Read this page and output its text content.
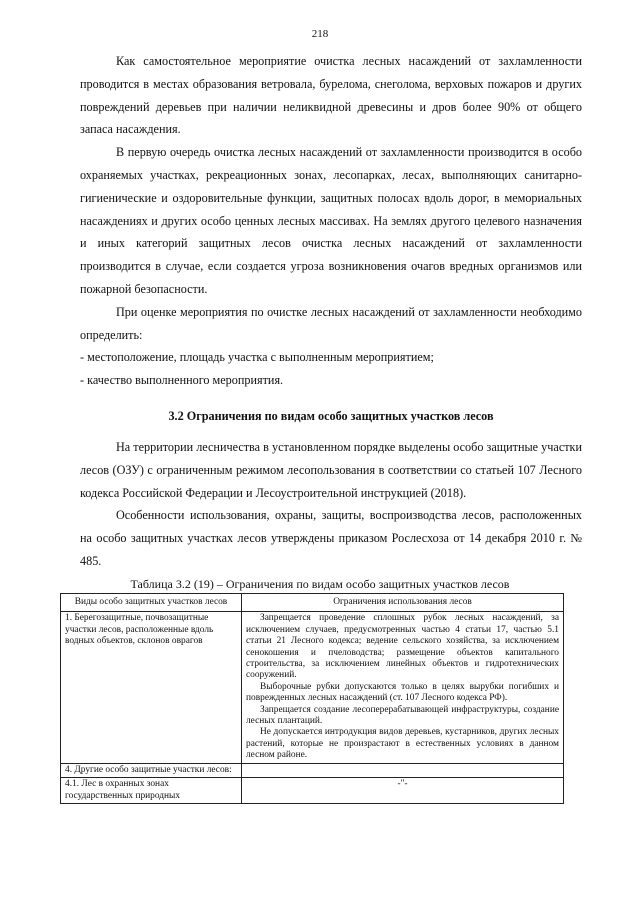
218

Как самостоятельное мероприятие очистка лесных насаждений от захламленности проводится в местах образования ветровала, бурелома, снеголома, верховых пожаров и других повреждений деревьев при наличии неликвидной древесины и дров более 90% от общего запаса насаждения.

В первую очередь очистка лесных насаждений от захламленности производится в особо охраняемых участках, рекреационных зонах, лесопарках, лесах, выполняющих санитарно-гигиенические и оздоровительные функции, защитных полосах вдоль дорог, в мемориальных насаждениях и других особо ценных лесных массивах. На землях другого целевого назначения и иных категорий защитных лесов очистка лесных насаждений от захламленности производится в случае, если создается угроза возникновения очагов вредных организмов или пожарной безопасности.

При оценке мероприятия по очистке лесных насаждений от захламленности необходимо определить:

- местоположение, площадь участка с выполненным мероприятием;

- качество выполненного мероприятия.

3.2 Ограничения по видам особо защитных участков лесов

На территории лесничества в установленном порядке выделены особо защитные участки лесов (ОЗУ) с ограниченным режимом лесопользования в соответствии со статьей 107 Лесного кодекса Российской Федерации и Лесоустроительной инструкцией (2018).

Особенности использования, охраны, защиты, воспроизводства лесов, расположенных на особо защитных участках лесов утверждены приказом Рослесхоза от 14 декабря 2010 г. № 485.

Таблица 3.2 (19) – Ограничения по видам особо защитных участков лесов
Виды особо защитных участков лесов	Ограничения использования лесов
1. Берегозащитные, почвозащитные участки лесов, расположенные вдоль водных объектов, склонов оврагов	Запрещается проведение сплошных рубок лесных насаждений, за исключением случаев, предусмотренных частью 4 статьи 17, частью 5.1 статьи 21 Лесного кодекса; ведение сельского хозяйства, за исключением сенокошения и пчеловодства; размещение объектов капитального строительства, за исключением линейных объектов и гидротехнических сооружений.

Выборочные рубки допускаются только в целях вырубки погибших и поврежденных лесных насаждений (ст. 107 Лесного кодекса РФ).

Запрещается создание лесоперерабатывающей инфраструктуры, создание лесных плантаций.

Не допускается интродукция видов деревьев, кустарников, других лесных растений, которые не произрастают в естественных условиях в данном лесном районе.

4. Другие особо защитные участки лесов:	
4.1. Лес в охранных зонах государственных природных	-"-
